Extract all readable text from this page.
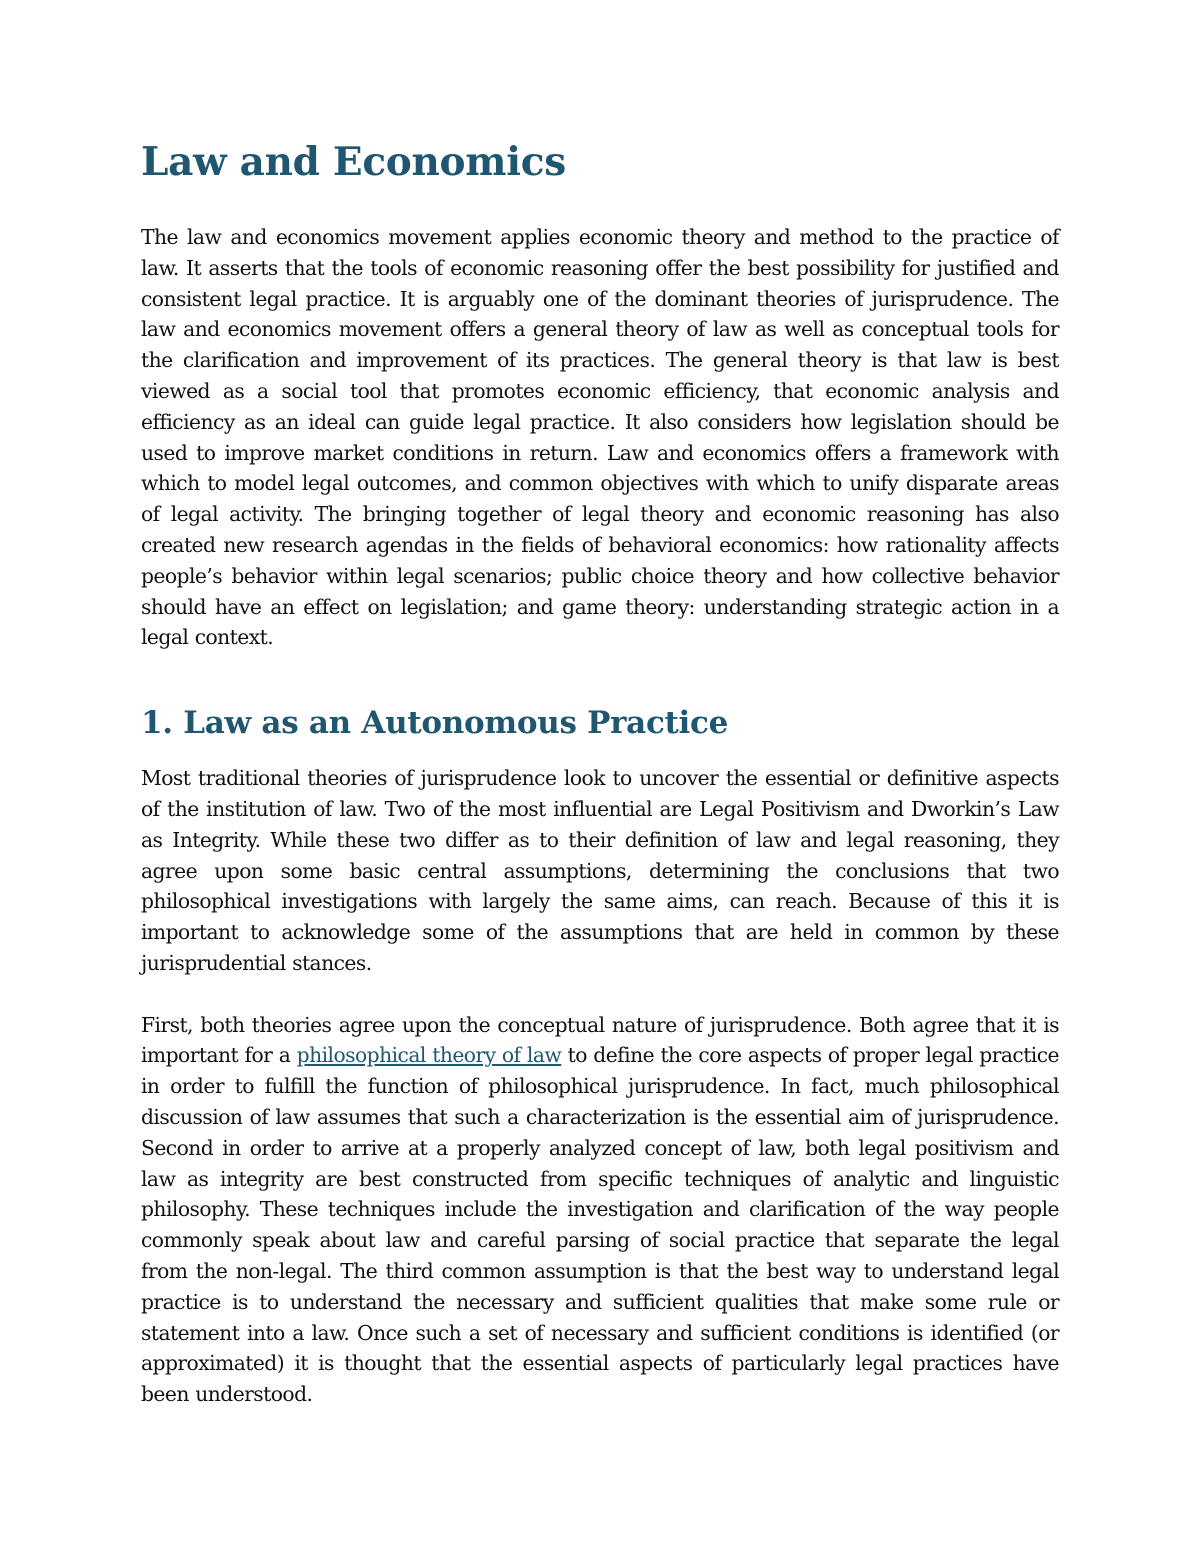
Law and Economics

The law and economics movement applies economic theory and method to the practice of law. It asserts that the tools of economic reasoning offer the best possibility for justified and consistent legal practice. It is arguably one of the dominant theories of jurisprudence. The law and economics movement offers a general theory of law as well as conceptual tools for the clarification and improvement of its practices. The general theory is that law is best viewed as a social tool that promotes economic efficiency, that economic analysis and efficiency as an ideal can guide legal practice. It also considers how legislation should be used to improve market conditions in return. Law and economics offers a framework with which to model legal outcomes, and common objectives with which to unify disparate areas of legal activity. The bringing together of legal theory and economic reasoning has also created new research agendas in the fields of behavioral economics: how rationality affects people’s behavior within legal scenarios; public choice theory and how collective behavior should have an effect on legislation; and game theory: understanding strategic action in a legal context.

1. Law as an Autonomous Practice

Most traditional theories of jurisprudence look to uncover the essential or definitive aspects of the institution of law. Two of the most influential are Legal Positivism and Dworkin’s Law as Integrity. While these two differ as to their definition of law and legal reasoning, they agree upon some basic central assumptions, determining the conclusions that two philosophical investigations with largely the same aims, can reach. Because of this it is important to acknowledge some of the assumptions that are held in common by these jurisprudential stances.

First, both theories agree upon the conceptual nature of jurisprudence. Both agree that it is important for a philosophical theory of law to define the core aspects of proper legal practice in order to fulfill the function of philosophical jurisprudence. In fact, much philosophical discussion of law assumes that such a characterization is the essential aim of jurisprudence. Second in order to arrive at a properly analyzed concept of law, both legal positivism and law as integrity are best constructed from specific techniques of analytic and linguistic philosophy. These techniques include the investigation and clarification of the way people commonly speak about law and careful parsing of social practice that separate the legal from the non-legal. The third common assumption is that the best way to understand legal practice is to understand the necessary and sufficient qualities that make some rule or statement into a law. Once such a set of necessary and sufficient conditions is identified (or approximated) it is thought that the essential aspects of particularly legal practices have been understood.
